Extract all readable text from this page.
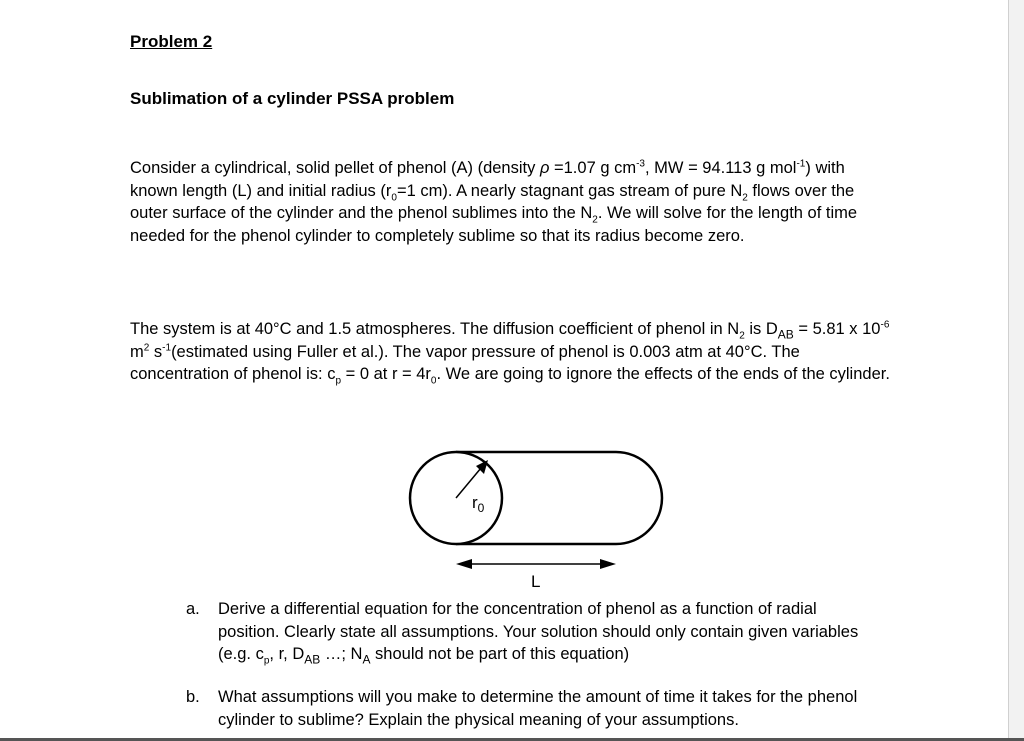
Problem 2
Sublimation of a cylinder PSSA problem

Consider a cylindrical, solid pellet of phenol (A) (density ρ =1.07 g $cm^{-3}$, MW = 94.113 g mol$^{-1}$) with known length (L) and initial radius ($r_0=1$ cm). A nearly stagnant gas stream of pure $N_2$ flows over the outer surface of the cylinder and the phenol sublimes into the $N_2$. We will solve for the length of time needed for the phenol cylinder to completely sublime so that its radius become zero.

The system is at 40°C and 1.5 atmospheres. The diffusion coefficient of phenol in $N_2$ is $D_{AB} = 5.81$ x $10^{-6}$ $m^2$ $s^{-1}(estimated$ using Fuller et al.). The vapor pressure of phenol is 0.003 atm at 40°C. The concentration of phenol is: $c_p = 0$ at $r = 4r_0$. We are going to ignore the effects of the ends of the cylinder.

$r_0$
L
a. Derive a differential equation for the concentration of phenol as a function of radial position. Clearly state all assumptions. Your solution should only contain given variables (e.g. $c_p$, r, $D_{AB}$ …; $N_A$ should not be part of this equation)
b. What assumptions will you make to determine the amount of time it takes for the phenol cylinder to sublime? Explain the physical meaning of your assumptions.
